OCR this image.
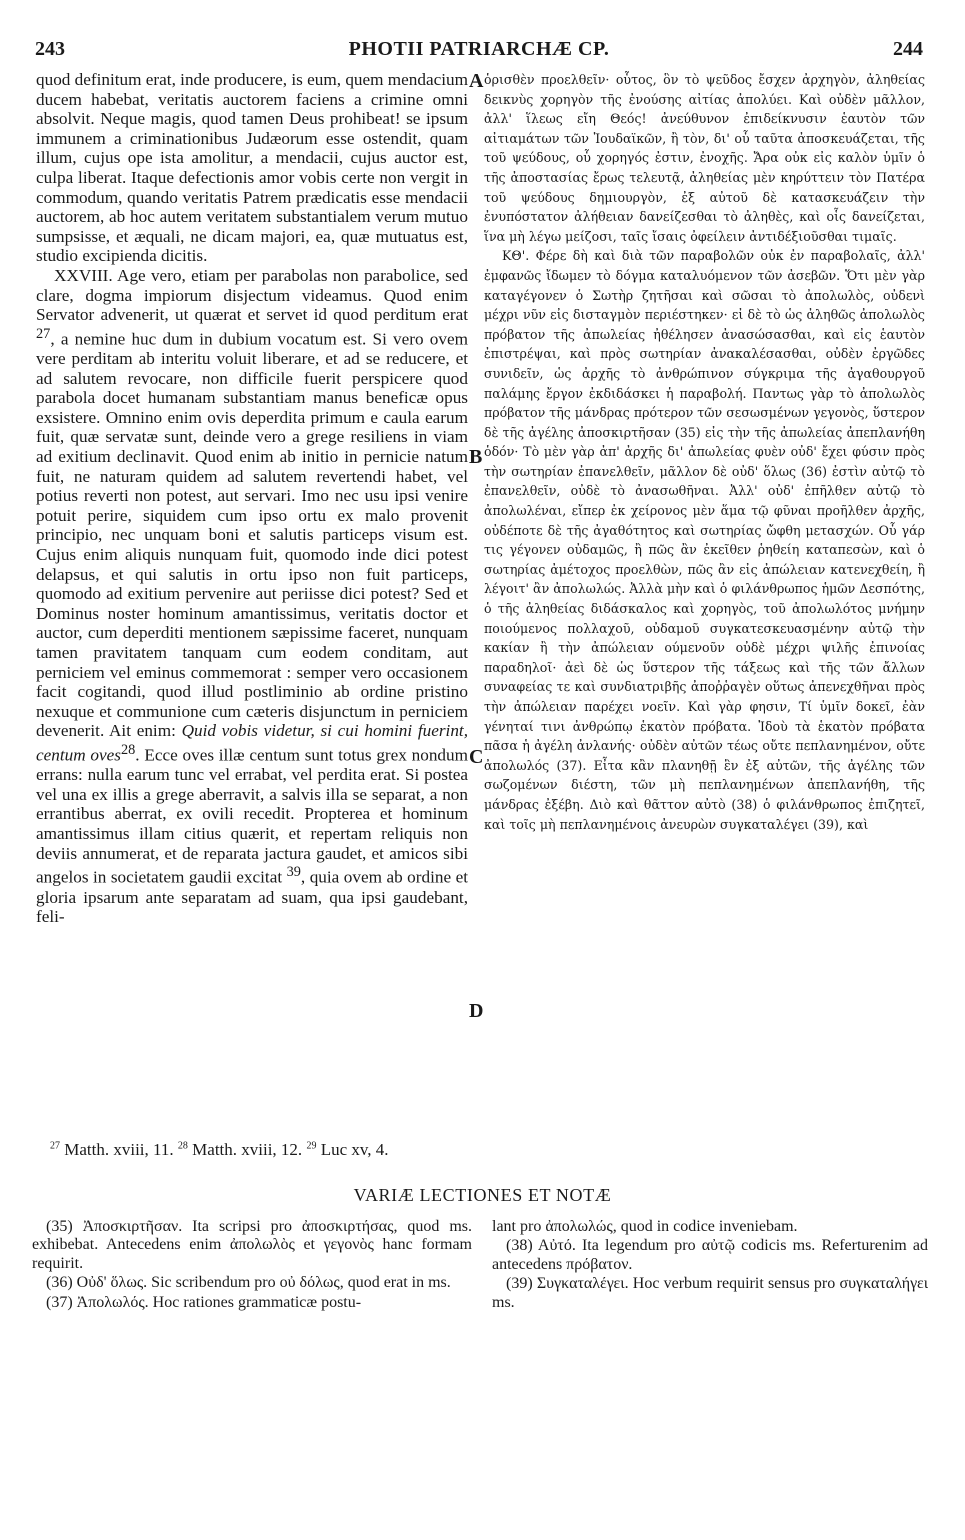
243	PHOTII PATRIARCHÆ CP.	244

quod definitum erat, inde producere, is eum, quem mendacium ducem habebat, veritatis auctorem faciens a crimine omni absolvit. Neque magis, quod tamen Deus prohibeat! se ipsum immunem a criminationibus Judæorum esse ostendit, quam illum, cujus ope ista amolitur, a mendacii, cujus auctor est, culpa liberat. Itaque defectionis amor vobis certe non vergit in commodum, quando veritatis Patrem prædicatis esse mendacii auctorem, ab hoc autem veritatem substantialem verum mutuo sumpsisse, et æquali, ne dicam majori, ea, quæ mutuatus est, studio excipienda dicitis.

XXVIII. Age vero, etiam per parabolas non parabolice, sed clare, dogma impiorum disjectum videamus. Quod enim Servator advenerit, ut quærat et servet id quod perditum erat $^{27}$, a nemine huc dum in dubium vocatum est. Si vero ovem vere perditam ab interitu voluit liberare, et ad se reducere, et ad salutem revocare, non difficile fuerit perspicere quod parabola docet humanam substantiam manus beneficæ opus exsistere. Omnino enim ovis deperdita primum e caula earum fuit, quæ servatæ sunt, deinde vero a grege resiliens in viam ad exitium declinavit. Quod enim ab initio in pernicie natum fuit, ne naturam quidem ad salutem revertendi habet, vel potius reverti non potest, aut servari. Imo nec usu ipsi venire potuit perire, siquidem cum ipso ortu ex malo provenit principio, nec unquam boni et salutis particeps visum est. Cujus enim aliquis nunquam fuit, quomodo inde dici potest delapsus, et qui salutis in ortu ipso non fuit particeps, quomodo ad exitium pervenire aut periisse dici potest? Sed et Dominus noster hominum amantissimus, veritatis doctor et auctor, cum deperditi mentionem sæpissime faceret, nunquam tamen pravitatem tanquam cum eodem conditam, aut perniciem vel eminus commemorat : semper vero occasionem facit cogitandi, quod illud postliminio ab ordine pristino nexuque et communione cum cæteris disjunctum in perniciem devenerit. Ait enim: Quid vobis videtur, si cui homini fuerint, centum oves$^{28}$. Ecce oves illæ centum sunt totus grex nondum errans: nulla earum tunc vel errabat, vel perdita erat. Si postea vel una ex illis a grege aberravit, a salvis illa se separat, a non errantibus aberrat, ex ovili recedit. Propterea et hominum amantissimus illam citius quærit, et repertam reliquis non deviis annumerat, et de reparata jactura gaudet, et amicos sibi angelos in societatem gaudii excitat $^{39}$, quia ovem ab ordine et gloria ipsarum ante separatam ad suam, qua ipsi gaudebant, feli-

A
B
C
D

ὁρισθὲν προελθεῖν· οὗτος, ὃν τὸ ψεῦδος ἔσχεν ἀρχηγὸν, ἀληθείας δεικνὺς χορηγὸν τῆς ἐνούσης αἰτίας ἀπολύει. Καὶ οὐδὲν μᾶλλον, ἀλλ' ἵλεως εἴη Θεός! ἀνεύθυνον ἐπιδείκνυσιν ἑαυτὸν τῶν αἰτιαμάτων τῶν Ἰουδαϊκῶν, ἢ τὸν, δι' οὗ ταῦτα ἀποσκευάζεται, τῆς τοῦ ψεύδους, οὗ χορηγός ἐστιν, ἐνοχῆς. Ἄρα οὐκ εἰς καλὸν ὑμῖν ὁ τῆς ἀποστασίας ἔρως τελευτᾷ, ἀληθείας μὲν κηρύττειν τὸν Πατέρα τοῦ ψεύδους δημιουργὸν, ἐξ αὐτοῦ δὲ κατασκευάζειν τὴν ἐνυπόστατον ἀλήθειαν δανείζεσθαι τὸ ἀληθὲς, καὶ οἷς δανείζεται, ἵνα μὴ λέγω μείζοσι, ταῖς ἴσαις ὀφείλειν ἀντιδέξιοῦσθαι τιμαῖς.

ΚΘ'. Φέρε δὴ καὶ διὰ τῶν παραβολῶν οὐκ ἐν παραβολαῖς, ἀλλ' ἐμφανῶς ἴδωμεν τὸ δόγμα καταλυόμενον τῶν ἀσεβῶν. Ὅτι μὲν γὰρ καταγέγονεν ὁ Σωτὴρ ζητῆσαι καὶ σῶσαι τὸ ἀπολωλὸς, οὐδενὶ μέχρι νῦν εἰς δισταγμὸν περιέστηκεν· εἰ δὲ τὸ ὡς ἀληθῶς ἀπολωλὸς πρόβατον τῆς ἀπωλείας ἠθέλησεν ἀνασώσασθαι, καὶ εἰς ἑαυτὸν ἐπιστρέψαι, καὶ πρὸς σωτηρίαν ἀνακαλέσασθαι, οὐδὲν ἐργῶδες συνιδεῖν, ὡς ἀρχῆς τὸ ἀνθρώπινον σύγκριμα τῆς ἀγαθουργοῦ παλάμης ἔργον ἐκδιδάσκει ἡ παραβολή. Παντως γὰρ τὸ ἀπολωλὸς πρόβατον τῆς μάνδρας πρότερον τῶν σεσωσμένων γεγονὸς, ὕστερον δὲ τῆς ἀγέλης ἀποσκιρτῆσαν (35) εἰς τὴν τῆς ἀπωλείας ἀπεπλανήθη ὁδόν· Τὸ μὲν γὰρ ἀπ' ἀρχῆς δι' ἀπωλείας φυὲν οὐδ' ἔχει φύσιν πρὸς τὴν σωτηρίαν ἐπανελθεῖν, μᾶλλον δὲ οὐδ' ὅλως (36) ἐστὶν αὐτῷ τὸ ἐπανελθεῖν, οὐδὲ τὸ ἀνασωθῆναι. Ἀλλ' οὐδ' ἐπῆλθεν αὐτῷ τὸ ἀπολωλέναι, εἴπερ ἐκ χείρονος μὲν ἅμα τῷ φῦναι προῆλθεν ἀρχῆς, οὐδέποτε δὲ τῆς ἀγαθότητος καὶ σωτηρίας ὤφθη μετασχών. Οὗ γάρ τις γέγονεν οὐδαμῶς, ἢ πῶς ἂν ἐκεῖθεν ῥηθείη καταπεσὼν, καὶ ὁ σωτηρίας ἀμέτοχος προελθὼν, πῶς ἂν εἰς ἀπώλειαν κατενεχθείη, ἢ λέγοιτ' ἂν ἀπολωλώς. Ἀλλὰ μὴν καὶ ὁ φιλάνθρωπος ἡμῶν Δεσπότης, ὁ τῆς ἀληθείας διδάσκαλος καὶ χορηγὸς, τοῦ ἀπολωλότος μνήμην ποιούμενος πολλαχοῦ, οὐδαμοῦ συγκατεσκευασμένην αὐτῷ τὴν κακίαν ἢ τὴν ἀπώλειαν ούμενοῦν οὐδὲ μέχρι ψιλῆς ἐπινοίας παραδηλοῖ· ἀεὶ δὲ ὡς ὕστερον τῆς τάξεως καὶ τῆς τῶν ἄλλων συναφείας τε καὶ συνδιατριβῆς ἀποῤῥαγὲν οὕτως ἀπενεχθῆναι πρὸς τὴν ἀπώλειαν παρέχει νοεῖν. Καὶ γὰρ φησιν, Τί ὑμῖν δοκεῖ, ἐὰν γένηταί τινι ἀνθρώπῳ ἑκατὸν πρόβατα. Ἰδοὺ τὰ ἑκατὸν πρόβατα πᾶσα ἡ ἀγέλη ἀνλανής· οὐδὲν αὐτῶν τέως οὔτε πεπλανημένον, οὔτε ἀπολωλός (37). Εἶτα κἂν πλανηθῇ ἓν ἐξ αὐτῶν, τῆς ἀγέλης τῶν σωζομένων διέστη, τῶν μὴ πεπλανημένων ἀπεπλανήθη, τῆς μάνδρας ἐξέβη. Διὸ καὶ θᾶττον αὐτὸ (38) ὁ φιλάνθρωπος ἐπιζητεῖ, καὶ τοῖς μὴ πεπλανημένοις ἀνευρὼν συγκαταλέγει (39), καὶ

$^{27}$ Matth. xviii, 11. $^{28}$ Matth. xviii, 12. $^{29}$ Luc xv, 4.
VARIÆ LECTIONES ET NOTÆ

(35) Ἀποσκιρτῆσαν. Ita scripsi pro ἀποσκιρτήσας, quod ms. exhibebat. Antecedens enim ἀπολωλὸς et γεγονὸς hanc formam requirit.

(36) Οὐδ' ὅλως. Sic scribendum pro οὐ δόλως, quod erat in ms.

(37) Ἀπολωλός. Hoc rationes grammaticæ postu-

lant pro ἀπολωλώς, quod in codice inveniebam.

(38) Αὐτό. Ita legendum pro αὐτῷ codicis ms. Referturenim ad antecedens πρόβατον.

(39) Συγκαταλέγει. Hoc verbum requirit sensus pro συγκαταλήγει ms.
